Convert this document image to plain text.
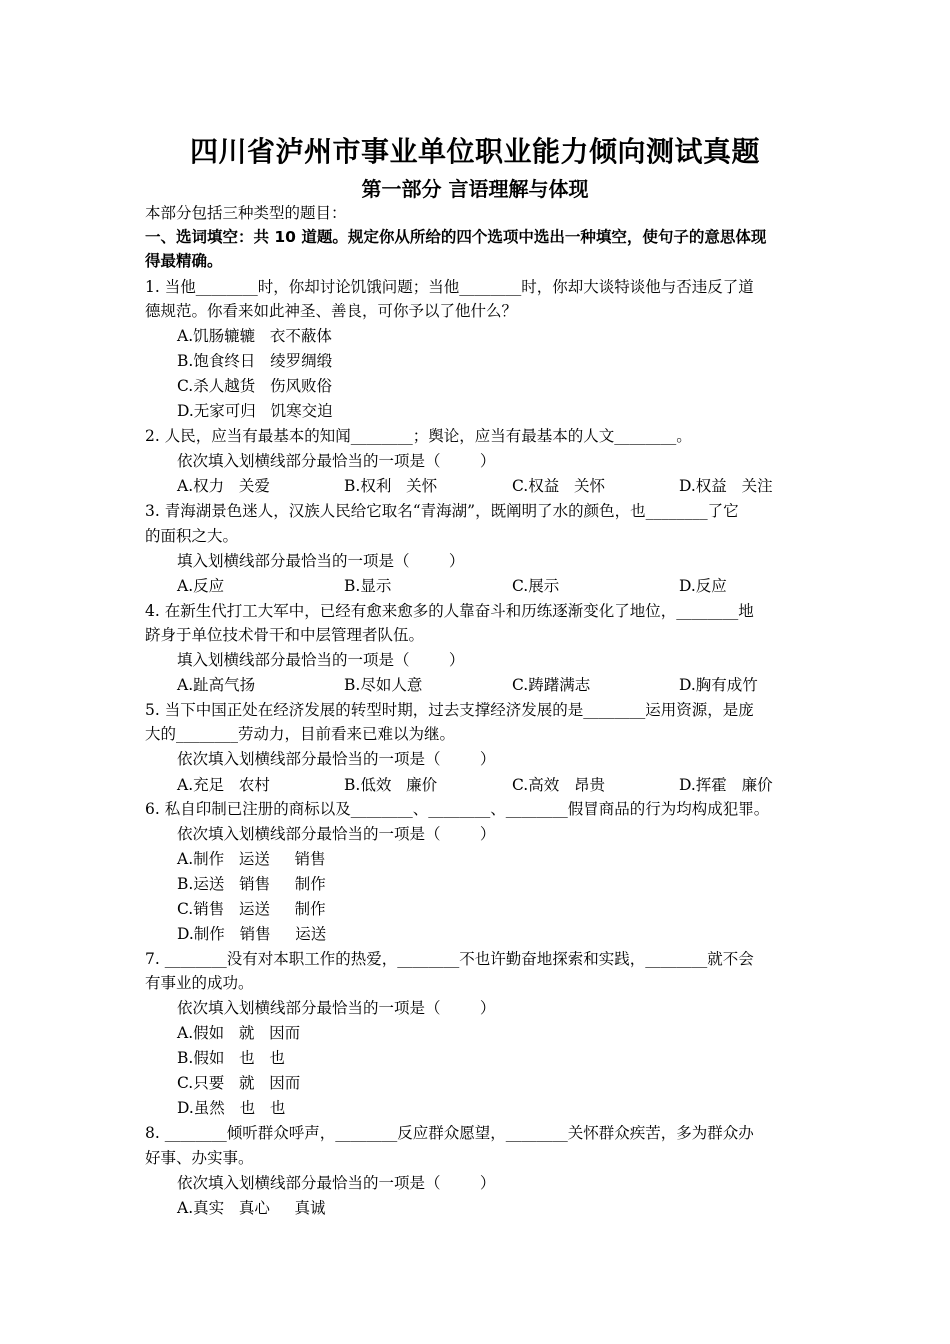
四川省泸州市事业单位职业能力倾向测试真题
第一部分 言语理解与体现
本部分包括三种类型的题目：
一、选词填空：共 10 道题。规定你从所给的四个选项中选出一种填空，使句子的意思体现
得最精确。
1. 当他________时，你却讨论饥饿问题；当他________时，你却大谈特谈他与否违反了道
德规范。你看来如此神圣、善良，可你予以了他什么？
A.饥肠辘辘   衣不蔽体
B.饱食终日   绫罗绸缎
C.杀人越货   伤风败俗
D.无家可归   饥寒交迫
2. 人民，应当有最基本的知闻________；舆论，应当有最基本的人文________。
依次填入划横线部分最恰当的一项是（        ）
A.权力   关爱	B.权利   关怀	C.权益   关怀	D.权益   关注
3. 青海湖景色迷人，汉族人民给它取名“青海湖”，既阐明了水的颜色，也________了它
的面积之大。
填入划横线部分最恰当的一项是（        ）
A.反应	B.显示	C.展示	D.反应
4. 在新生代打工大军中，已经有愈来愈多的人靠奋斗和历练逐渐变化了地位，________地
跻身于单位技术骨干和中层管理者队伍。
填入划横线部分最恰当的一项是（        ）
A.趾高气扬	B.尽如人意	C.踌躇满志	D.胸有成竹
5. 当下中国正处在经济发展的转型时期，过去支撑经济发展的是________运用资源，是庞
大的________劳动力，目前看来已难以为继。
依次填入划横线部分最恰当的一项是（        ）
A.充足   农村	B.低效   廉价	C.高效   昂贵	D.挥霍   廉价
6. 私自印制已注册的商标以及________、________、________假冒商品的行为均构成犯罪。
依次填入划横线部分最恰当的一项是（        ）
A.制作   运送     销售
B.运送   销售     制作
C.销售   运送     制作
D.制作   销售     运送
7. ________没有对本职工作的热爱，________不也许勤奋地探索和实践，________就不会
有事业的成功。
依次填入划横线部分最恰当的一项是（        ）
A.假如   就   因而
B.假如   也   也
C.只要   就   因而
D.虽然   也   也
8. ________倾听群众呼声，________反应群众愿望，________关怀群众疾苦，多为群众办
好事、办实事。
依次填入划横线部分最恰当的一项是（        ）
A.真实   真心     真诚
